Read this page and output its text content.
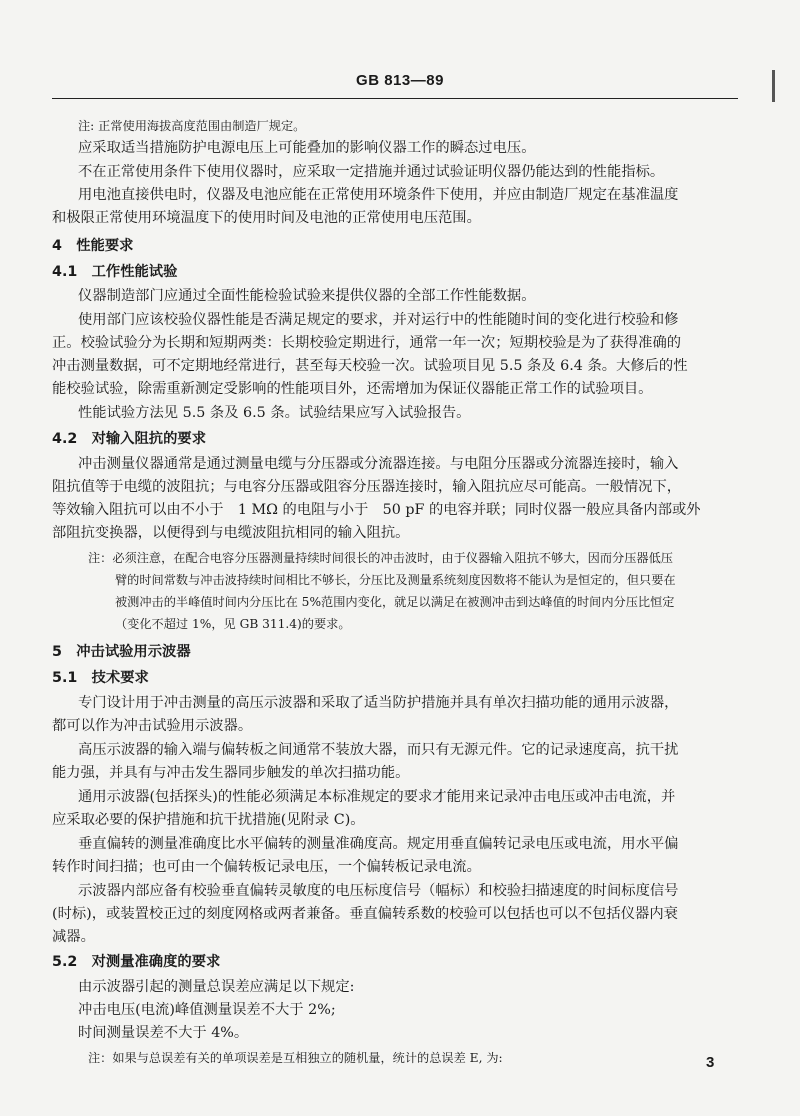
GB 813—89
注: 正常使用海拔高度范围由制造厂规定。
应采取适当措施防护电源电压上可能叠加的影响仪器工作的瞬态过电压。
不在正常使用条件下使用仪器时，应采取一定措施并通过试验证明仪器仍能达到的性能指标。
用电池直接供电时，仪器及电池应能在正常使用环境条件下使用，并应由制造厂规定在基准温度
和极限正常使用环境温度下的使用时间及电池的正常使用电压范围。
4　性能要求
4.1　工作性能试验
仪器制造部门应通过全面性能检验试验来提供仪器的全部工作性能数据。
使用部门应该校验仪器性能是否满足规定的要求，并对运行中的性能随时间的变化进行校验和修
正。校验试验分为长期和短期两类：长期校验定期进行，通常一年一次；短期校验是为了获得准确的
冲击测量数据，可不定期地经常进行，甚至每天校验一次。试验项目见 5.5 条及 6.4 条。大修后的性
能校验试验，除需重新测定受影响的性能项目外，还需增加为保证仪器能正常工作的试验项目。
性能试验方法见 5.5 条及 6.5 条。试验结果应写入试验报告。
4.2　对输入阻抗的要求
冲击测量仪器通常是通过测量电缆与分压器或分流器连接。与电阻分压器或分流器连接时，输入
阻抗值等于电缆的波阻抗；与电容分压器或阻容分压器连接时，输入阻抗应尽可能高。一般情况下，
等效输入阻抗可以由不小于　1 MΩ 的电阻与小于　50 pF 的电容并联；同时仪器一般应具备内部或外
部阻抗变换器，以便得到与电缆波阻抗相同的输入阻抗。
注：必须注意，在配合电容分压器测量持续时间很长的冲击波时，由于仪器输入阻抗不够大，因而分压器低压
臂的时间常数与冲击波持续时间相比不够长，分压比及测量系统刻度因数将不能认为是恒定的，但只要在
被测冲击的半峰值时间内分压比在 5%范围内变化，就足以满足在被测冲击到达峰值的时间内分压比恒定
（变化不超过 1%，见 GB 311.4)的要求。
5　冲击试验用示波器
5.1　技术要求
专门设计用于冲击测量的高压示波器和采取了适当防护措施并具有单次扫描功能的通用示波器，
都可以作为冲击试验用示波器。
高压示波器的输入端与偏转板之间通常不装放大器，而只有无源元件。它的记录速度高，抗干扰
能力强，并具有与冲击发生器同步触发的单次扫描功能。
通用示波器(包括探头)的性能必须满足本标准规定的要求才能用来记录冲击电压或冲击电流，并
应采取必要的保护措施和抗干扰措施(见附录 C)。
垂直偏转的测量准确度比水平偏转的测量准确度高。规定用垂直偏转记录电压或电流，用水平偏
转作时间扫描；也可由一个偏转板记录电压，一个偏转板记录电流。
示波器内部应备有校验垂直偏转灵敏度的电压标度信号（幅标）和校验扫描速度的时间标度信号
(时标)，或装置校正过的刻度网格或两者兼备。垂直偏转系数的校验可以包括也可以不包括仪器内衰
减器。
5.2　对测量准确度的要求
由示波器引起的测量总误差应满足以下规定:
冲击电压(电流)峰值测量误差不大于 2%;
时间测量误差不大于 4%。
注：如果与总误差有关的单项误差是互相独立的随机量，统计的总误差 E, 为:	3
